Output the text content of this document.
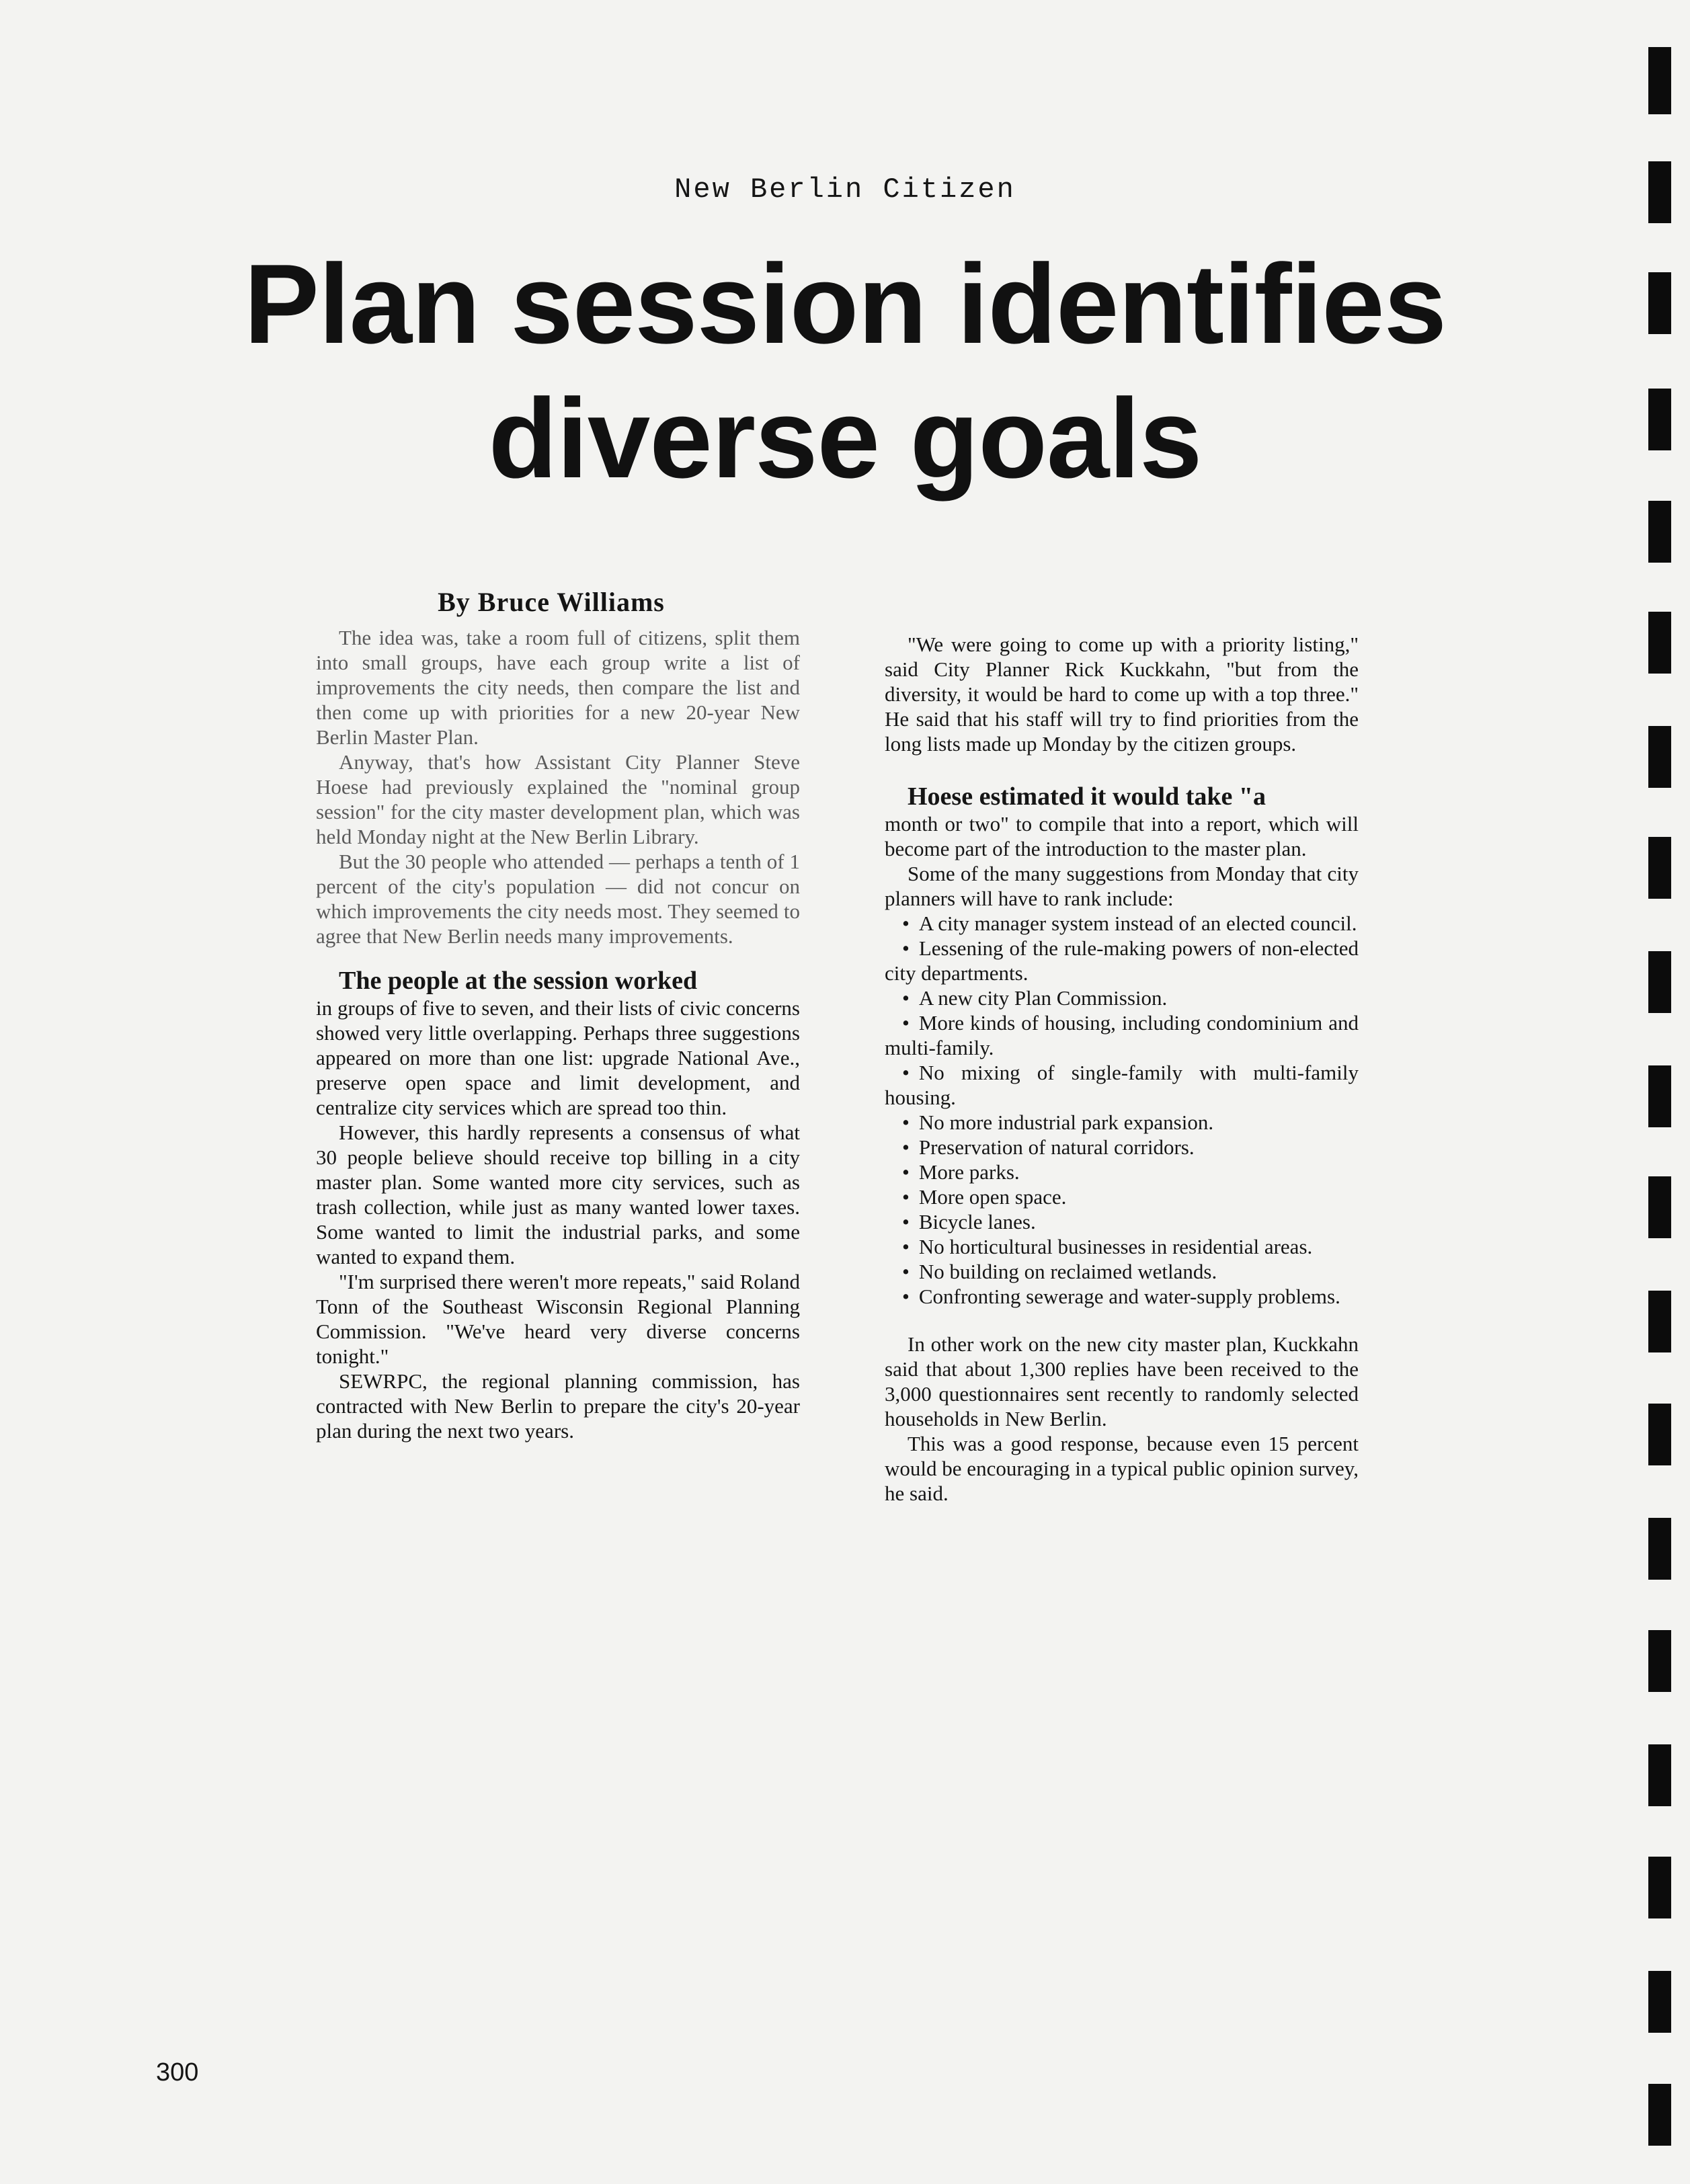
New Berlin Citizen
Plan session identifies
diverse goals
By Bruce Williams

The idea was, take a room full of citizens, split them into small groups, have each group write a list of improvements the city needs, then compare the list and then come up with priorities for a new 20-year New Berlin Master Plan.

Anyway, that's how Assistant City Planner Steve Hoese had previously explained the "nominal group session" for the city master development plan, which was held Monday night at the New Berlin Library.

But the 30 people who attended — perhaps a tenth of 1 percent of the city's population — did not concur on which improvements the city needs most. They seemed to agree that New Berlin needs many improvements.

The people at the session worked

in groups of five to seven, and their lists of civic concerns showed very little overlapping. Perhaps three suggestions appeared on more than one list: upgrade National Ave., preserve open space and limit development, and centralize city services which are spread too thin.

However, this hardly represents a consensus of what 30 people believe should receive top billing in a city master plan. Some wanted more city services, such as trash collection, while just as many wanted lower taxes. Some wanted to limit the industrial parks, and some wanted to expand them.

"I'm surprised there weren't more repeats," said Roland Tonn of the Southeast Wisconsin Regional Planning Commission. "We've heard very diverse concerns tonight."

SEWRPC, the regional planning commission, has contracted with New Berlin to prepare the city's 20-year plan during the next two years.

"We were going to come up with a priority listing," said City Planner Rick Kuckkahn, "but from the diversity, it would be hard to come up with a top three." He said that his staff will try to find priorities from the long lists made up Monday by the citizen groups.

Hoese estimated it would take "a

month or two" to compile that into a report, which will become part of the introduction to the master plan.

Some of the many suggestions from Monday that city planners will have to rank include:

• A city manager system instead of an elected council.
• Lessening of the rule-making powers of non-elected city departments.
• A new city Plan Commission.
• More kinds of housing, including condominium and multi-family.
• No mixing of single-family with multi-family housing.
• No more industrial park expansion.
• Preservation of natural corridors.
• More parks.
• More open space.
• Bicycle lanes.
• No horticultural businesses in residential areas.
• No building on reclaimed wetlands.
• Confronting sewerage and water-supply problems.

In other work on the new city master plan, Kuckkahn said that about 1,300 replies have been received to the 3,000 questionnaires sent recently to randomly selected households in New Berlin.

This was a good response, because even 15 percent would be encouraging in a typical public opinion survey, he said.

300
